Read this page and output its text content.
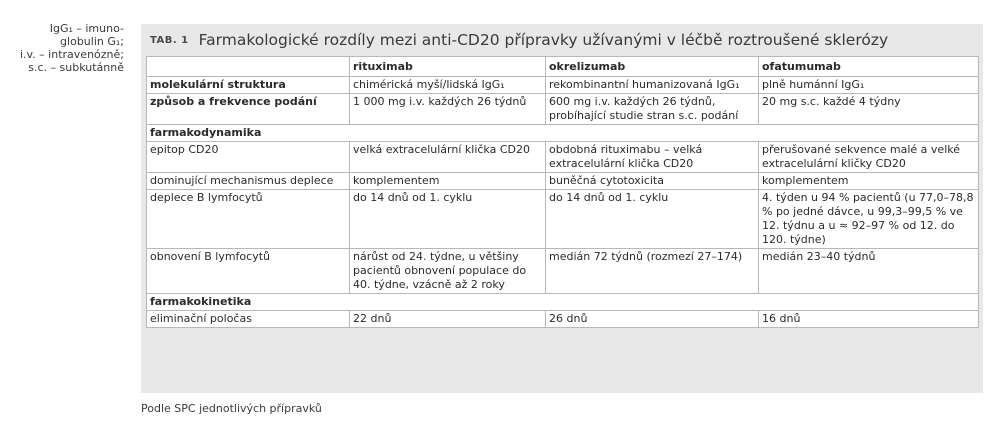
IgG₁ – imuno-
globulin G₁;
i.v. – intravenózně;
s.c. – subkutánně
TAB. 1 Farmakologické rozdíly mezi anti-CD20 přípravky užívanými v léčbě roztroušené sklerózy
	rituximab	okrelizumab	ofatumumab
molekulární struktura	chimérická myší/lidská IgG₁	rekombinantní humanizovaná IgG₁	plně humánní IgG₁
způsob a frekvence podání	1 000 mg i.v. každých 26 týdnů	600 mg i.v. každých 26 týdnů, probíhající studie stran s.c. podání	20 mg s.c. každé 4 týdny
farmakodynamika			
epitop CD20	velká extracelulární klička CD20	obdobná rituximabu – velká extracelulární klička CD20	přerušované sekvence malé a velké extracelulární kličky CD20
dominující mechanismus deplece	komplementem	buněčná cytotoxicita	komplementem
deplece B lymfocytů	do 14 dnů od 1. cyklu	do 14 dnů od 1. cyklu	4. týden u 94 % pacientů (u 77,0–78,8 % po jedné dávce, u 99,3–99,5 % ve 12. týdnu a u ≈ 92–97 % od 12. do 120. týdne)
obnovení B lymfocytů	nárůst od 24. týdne, u většiny pacientů obnovení populace do 40. týdne, vzácně až 2 roky	medián 72 týdnů (rozmezí 27–174)	medián 23–40 týdnů
farmakokinetika			
eliminační poločas	22 dnů	26 dnů	16 dnů
Podle SPC jednotlivých přípravků
